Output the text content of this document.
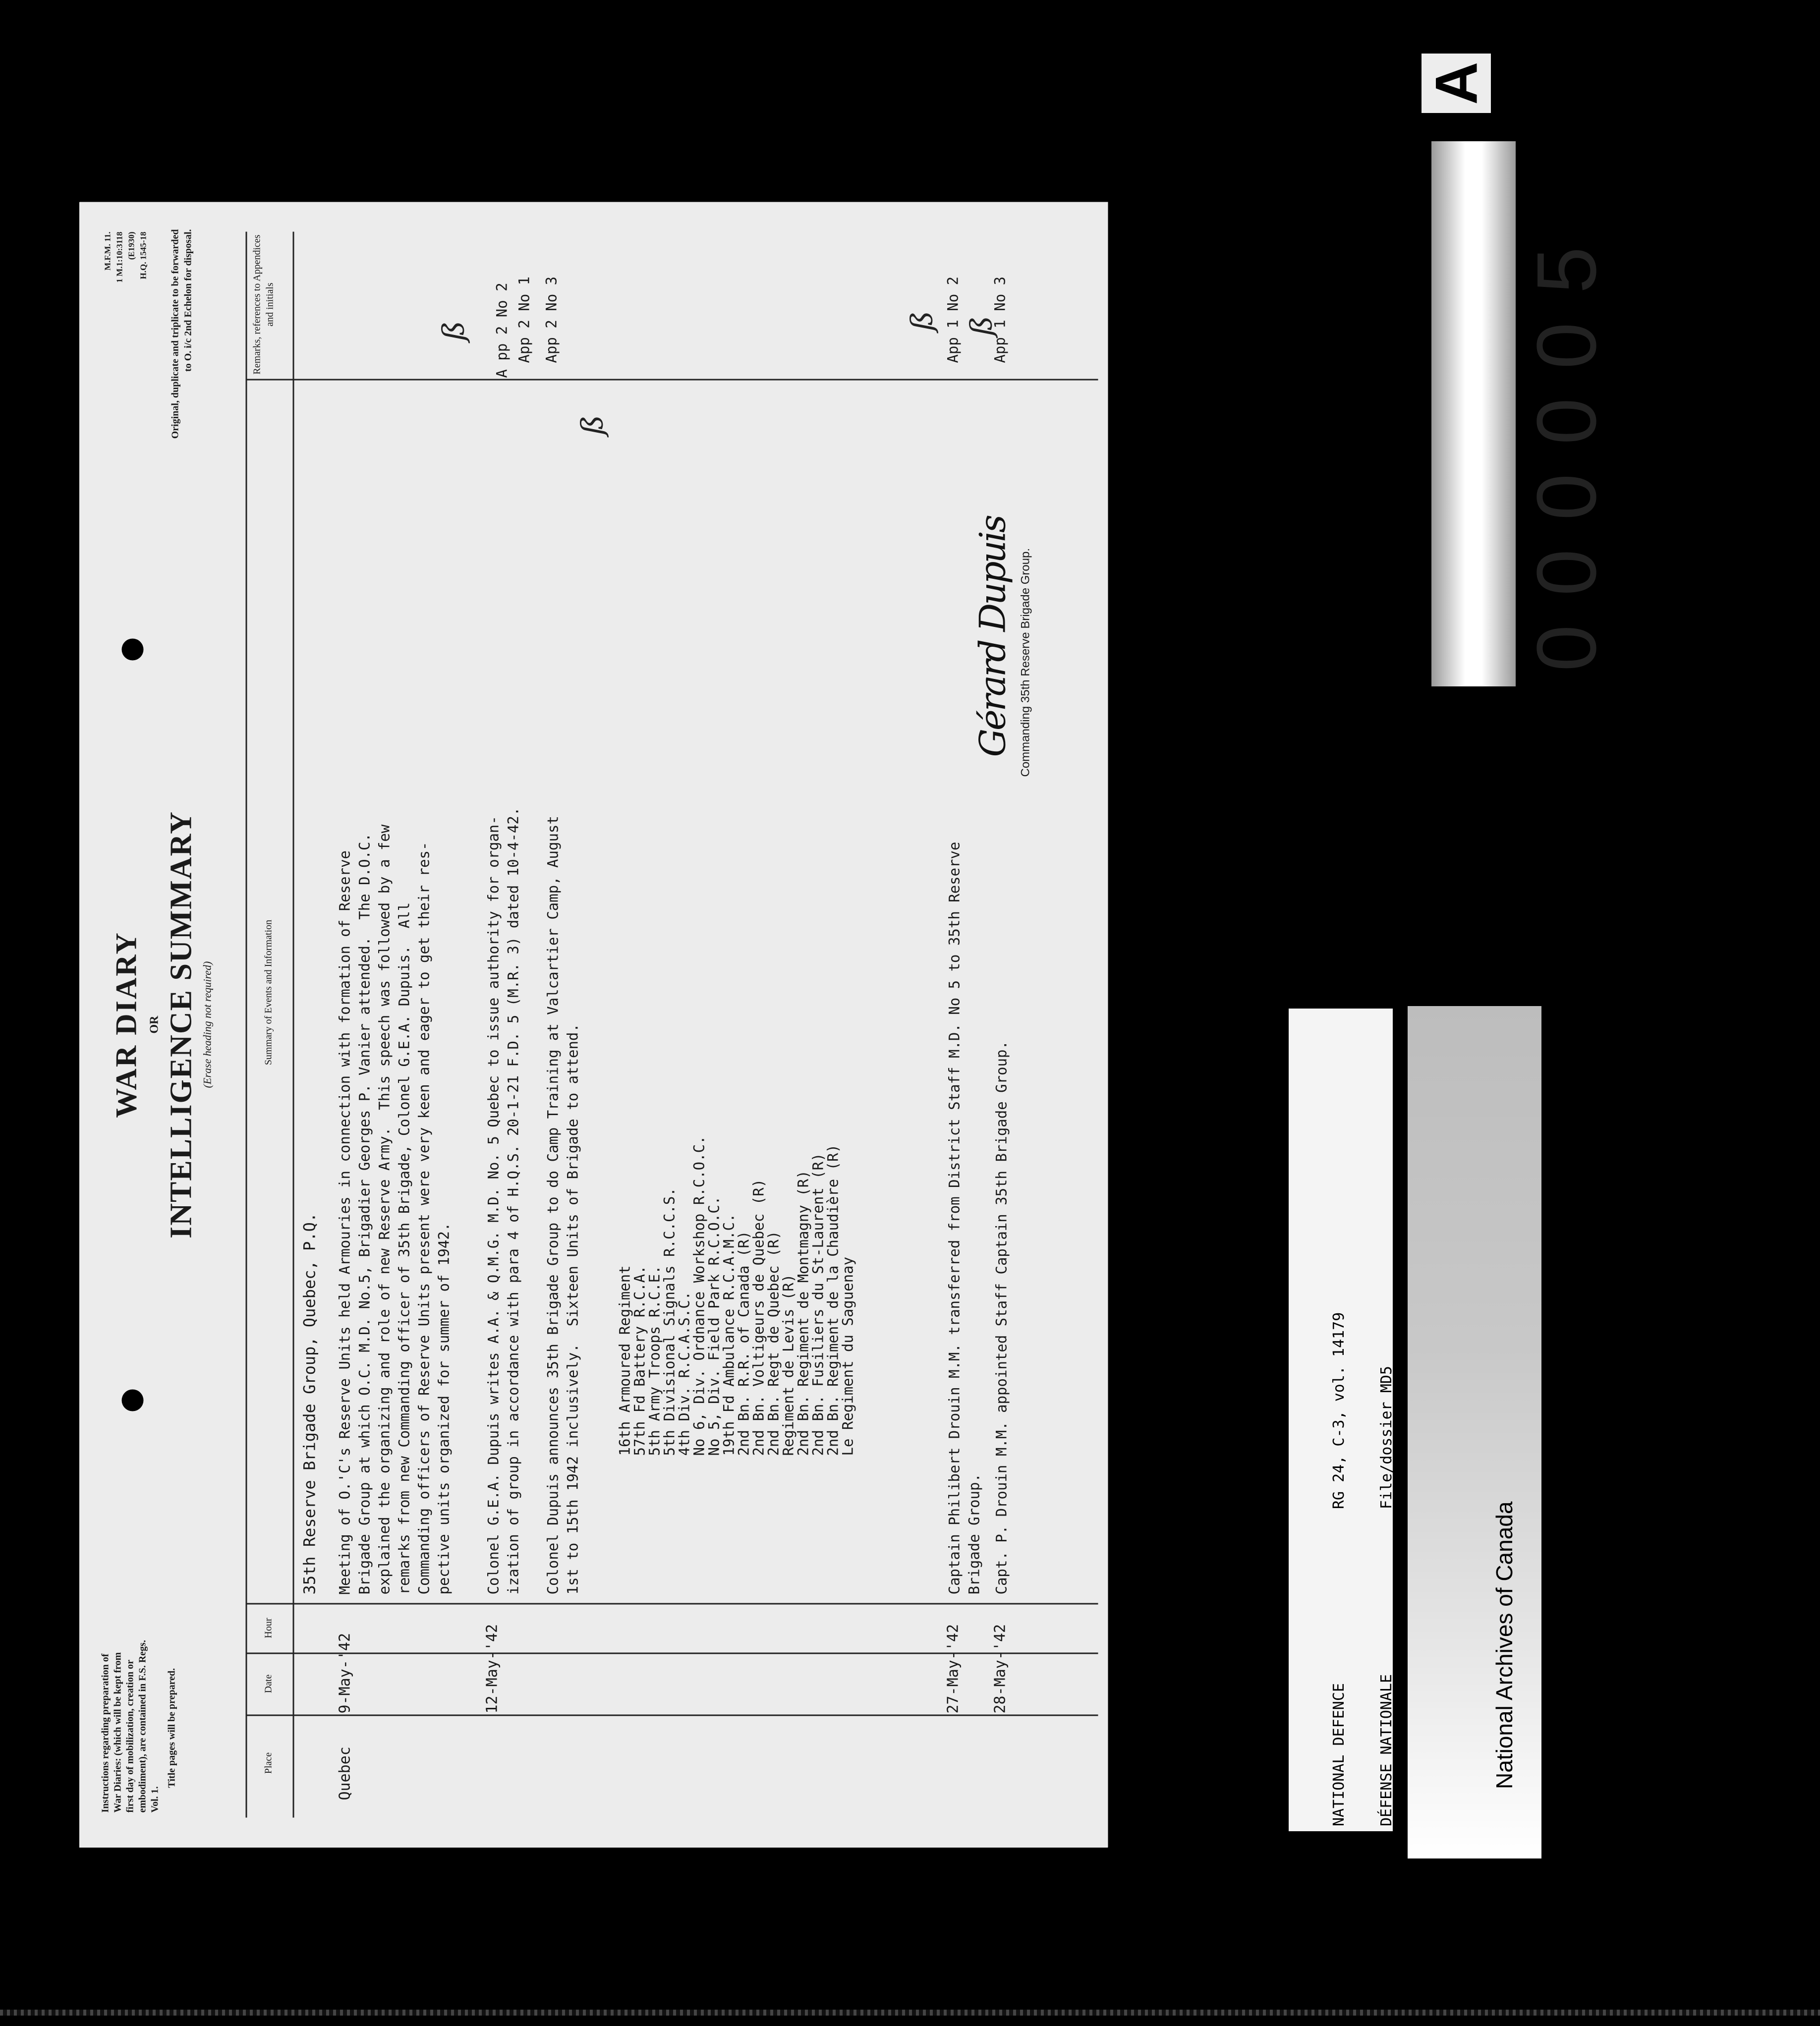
Instructions regarding preparation of War Diaries: (which will be kept from first day of mobilization, creation or embodiment), are contained in F.S. Regs. Vol. 1.
Title pages will be prepared.
WAR DIARY OR INTELLIGENCE SUMMARY (Erase heading not required)
M.F.M. 11. 1 M.1:10:3118 (E1930) H.Q. 1545-18 Original, duplicate and triplicate to be forwarded to O. i/c 2nd Echelon for disposal.
Place
Date
Hour
Summary of Events and Information
Remarks, references to Appendices and initials
35th Reserve Brigade Group, Quebec, P.Q.
Quebec
9-May-'42
Meeting of O.'C's Reserve Units held Armouries in connection with formation of Reserve
Brigade Group at which O.C. M.D. No.5, Brigadier Georges P. Vanier attended.  The D.O.C.
explained the organizing and role of new Reserve Army.  This speech was followed by a few
remarks from new Commanding officer of 35th Brigade, Colonel G.E.A. Dupuis.  All
Commanding officers of Reserve Units present were very keen and eager to get their res-
pective units organized for summer of 1942.
App 2 No 1
ß
12-May-'42
Colonel G.E.A. Dupuis writes A.A. & Q.M.G. M.D. No. 5 Quebec to issue authority for organ-
ization of group in accordance with para 4 of H.Q.S. 20-1-21 F.D. 5 (M.R. 3) dated 10-4-42.
A pp 2 No 2
Colonel Dupuis announces 35th Brigade Group to do Camp Training at Valcartier Camp, August
1st to 15th 1942 inclusively.  Sixteen Units of Brigade to attend.
App 2 No 3
ß
16th Armoured Regiment
57th Fd Battery R.C.A.
5th Army Troops R.C.E.
5th Divisional Signals R.C.C.S.
4th Div. R.C.A.S.C.
No 6, Div. Ordnance Workshop R.C.O.C.
No 5, Div. Field Park R.C.O.C.
19th Fd Ambulance R.C.A.M.C.
2nd Bn. R.R. of Canada (R)
2nd Bn. Voltigeurs de Quebec (R)
2nd Bn. Regt de Quebec (R)
Regiment de Levis (R)
2nd Bn. Regiment de Montmagny (R)
2nd Bn. Fusiliers du St-Laurent (R)
2nd Bn. Regiment de la Chaudière (R)
Le Regiment du Saguenay
27-May-'42
Captain Philibert Drouin M.M. transferred from District Staff M.D. No 5 to 35th Reserve
Brigade Group.
App 1 No 2
ß
28-May-'42
Capt. P. Drouin M.M. appointed Staff Captain 35th Brigade Group.
App 1 No 3
ß
Gérard Dupuis Commanding 35th Reserve Brigade Group.

NATIONAL DEFENCE

DÉFENSE NATIONALE

RG 24, C-3, vol. 14179

File/dossier MD5

National Archives of Canada

Archives nationales du Canada

A
000005
